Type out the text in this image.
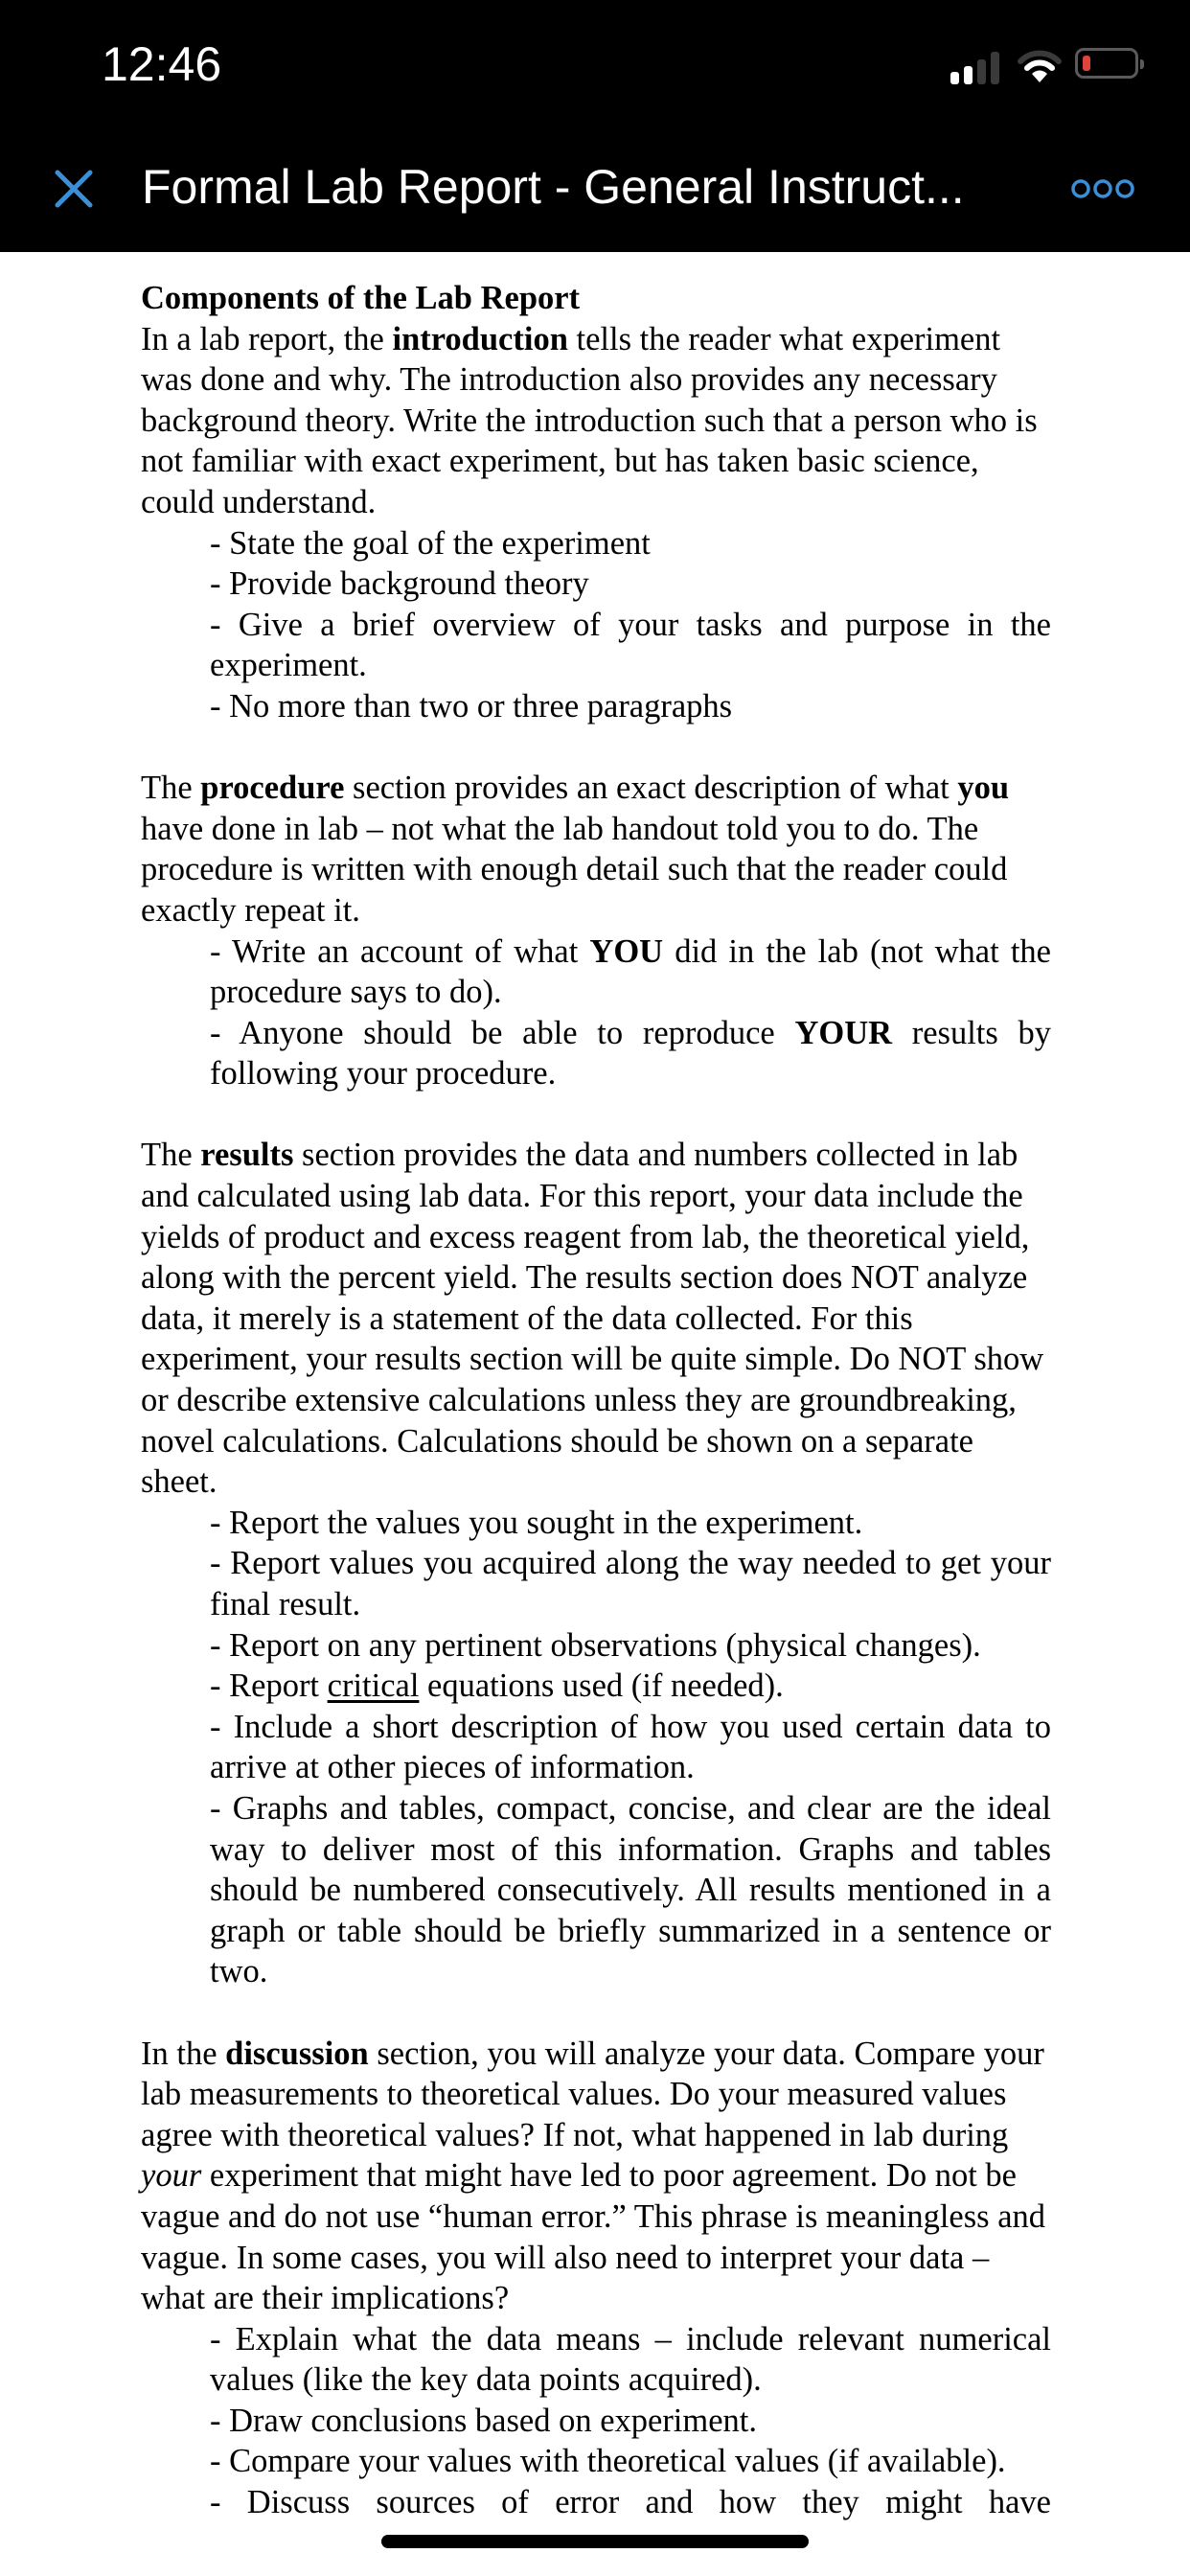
12:46
Formal Lab Report - General Instruct...

Components of the Lab Report

In a lab report, the introduction tells the reader what experiment was done and why. The introduction also provides any necessary background theory. Write the introduction such that a person who is not familiar with exact experiment, but has taken basic science, could understand.

- State the goal of the experiment

- Provide background theory

- Give a brief overview of your tasks and purpose in the experiment.

- No more than two or three paragraphs

The procedure section provides an exact description of what you have done in lab – not what the lab handout told you to do. The procedure is written with enough detail such that the reader could exactly repeat it.

- Write an account of what YOU did in the lab (not what the procedure says to do).

- Anyone should be able to reproduce YOUR results by following your procedure.

The results section provides the data and numbers collected in lab and calculated using lab data. For this report, your data include the yields of product and excess reagent from lab, the theoretical yield, along with the percent yield. The results section does NOT analyze data, it merely is a statement of the data collected. For this experiment, your results section will be quite simple. Do NOT show or describe extensive calculations unless they are groundbreaking, novel calculations. Calculations should be shown on a separate sheet.

- Report the values you sought in the experiment.

- Report values you acquired along the way needed to get your final result.

- Report on any pertinent observations (physical changes).

- Report critical equations used (if needed).

- Include a short description of how you used certain data to arrive at other pieces of information.

- Graphs and tables, compact, concise, and clear are the ideal way to deliver most of this information. Graphs and tables should be numbered consecutively. All results mentioned in a graph or table should be briefly summarized in a sentence or two.

In the discussion section, you will analyze your data. Compare your lab measurements to theoretical values. Do your measured values agree with theoretical values? If not, what happened in lab during your experiment that might have led to poor agreement. Do not be vague and do not use “human error.” This phrase is meaningless and vague. In some cases, you will also need to interpret your data – what are their implications?

- Explain what the data means – include relevant numerical values (like the key data points acquired).

- Draw conclusions based on experiment.

- Compare your values with theoretical values (if available).

- Discuss sources of error and how they might have
